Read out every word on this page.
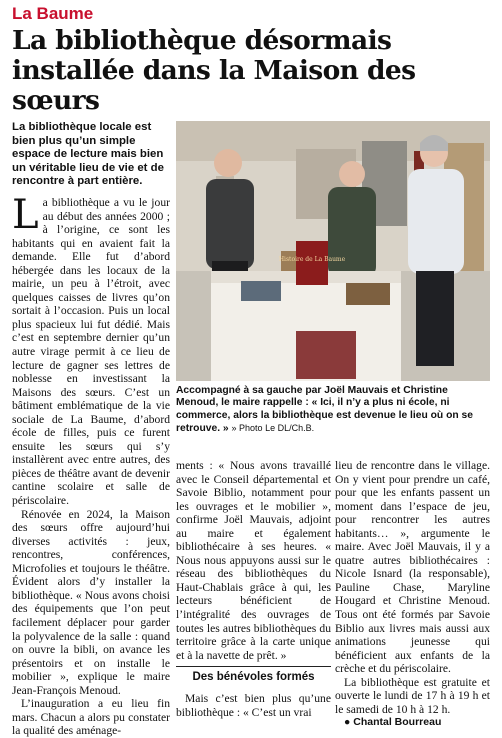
La Baume
La bibliothèque désormais installée dans la Maison des sœurs

La bibliothèque locale est bien plus qu’un simple espace de lecture mais bien un véritable lieu de vie et de rencontre à part entière.

Histoire de La Baume

Accompagné à sa gauche par Joël Mauvais et Christine Menoud, le maire rappelle : « Ici, il n’y a plus ni école, ni commerce, alors la bibliothèque est devenue le lieu où on se retrouve. » » Photo Le DL/Ch.B.

La bibliothèque a vu le jour au début des années 2000 ; à l’origine, ce sont les habitants qui en avaient fait la demande. Elle fut d’abord hébergée dans les locaux de la mairie, un peu à l’étroit, avec quelques caisses de livres qu’on sortait à l’occasion. Puis un local plus spacieux lui fut dédié. Mais c’est en septembre dernier qu’un autre virage permit à ce lieu de lecture de gagner ses lettres de noblesse en investissant la Maisons des sœurs. C’est un bâtiment emblématique de la vie sociale de La Baume, d’abord école de filles, puis ce furent ensuite les sœurs qui s’y installèrent avec entre autres, des pièces de théâtre avant de devenir cantine scolaire et salle de périscolaire.

Rénovée en 2024, la Maison des sœurs offre aujourd’hui diverses activités : jeux, rencontres, conférences, Microfolies et toujours le théâtre. Évident alors d’y installer la bibliothèque. « Nous avons choisi des équipements que l’on peut facilement déplacer pour garder la polyvalence de la salle : quand on ouvre la bibli, on avance les présentoirs et on installe le mobilier », explique le maire Jean-François Menoud.

L’inauguration a eu lieu fin mars. Chacun a alors pu constater la qualité des aménage-

ments : « Nous avons travaillé avec le Conseil départemental et Savoie Biblio, notamment pour les ouvrages et le mobilier », confirme Joël Mauvais, adjoint au maire et également bibliothécaire à ses heures. « Nous nous appuyons aussi sur le réseau des bibliothèques du Haut-Chablais grâce à qui, les lecteurs bénéficient de l’intégralité des ouvrages de toutes les autres bibliothèques du territoire grâce à la carte unique et à la navette de prêt. »

Des bénévoles formés

Mais c’est bien plus qu’une bibliothèque : « C’est un vrai

lieu de rencontre dans le village. On y vient pour prendre un café, pour que les enfants passent un moment dans l’espace de jeu, pour rencontrer les autres habitants… », argumente le maire. Avec Joël Mauvais, il y a quatre autres bibliothécaires : Nicole Isnard (la responsable), Pauline Chase, Maryline Hougard et Christine Menoud. Tous ont été formés par Savoie Biblio aux livres mais aussi aux animations jeunesse qui bénéficient aux enfants de la crèche et du périscolaire.

La bibliothèque est gratuite et ouverte le lundi de 17 h à 19 h et le samedi de 10 h à 12 h.

● Chantal Bourreau
